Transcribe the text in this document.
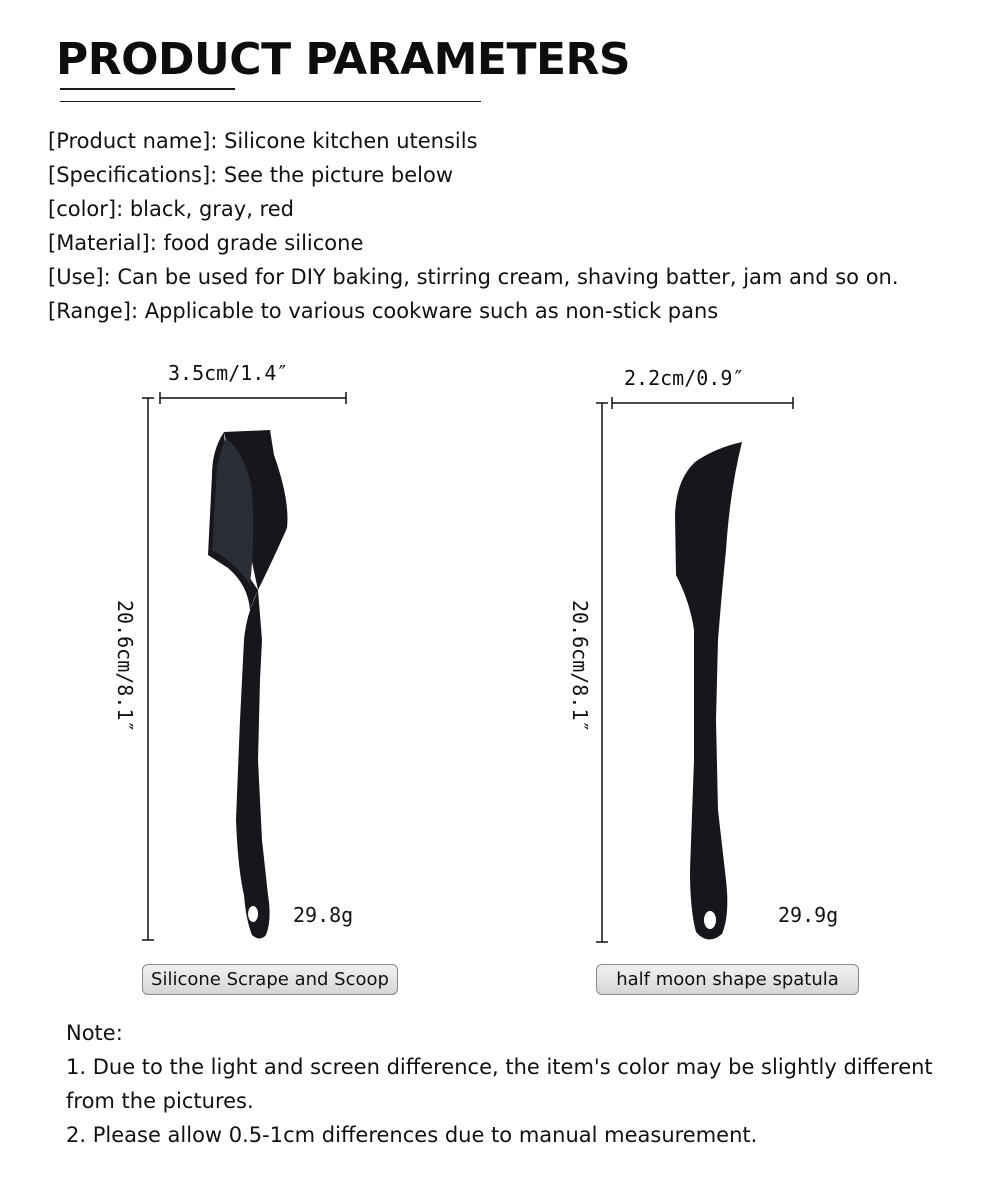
PRODUCT PARAMETERS
[Product name]: Silicone kitchen utensils
[Specifications]: See the picture below
[color]: black, gray, red
[Material]: food grade silicone
[Use]: Can be used for DIY baking, stirring cream, shaving batter, jam and so on.
[Range]: Applicable to various cookware such as non-stick pans
3.5cm/1.4″
20.6cm/8.1″
29.8g
2.2cm/0.9″
20.6cm/8.1″
29.9g
Silicone Scrape and Scoop	half moon shape spatula
Note:
1. Due to the light and screen difference, the item's color may be slightly different from the pictures.
2. Please allow 0.5-1cm differences due to manual measurement.
